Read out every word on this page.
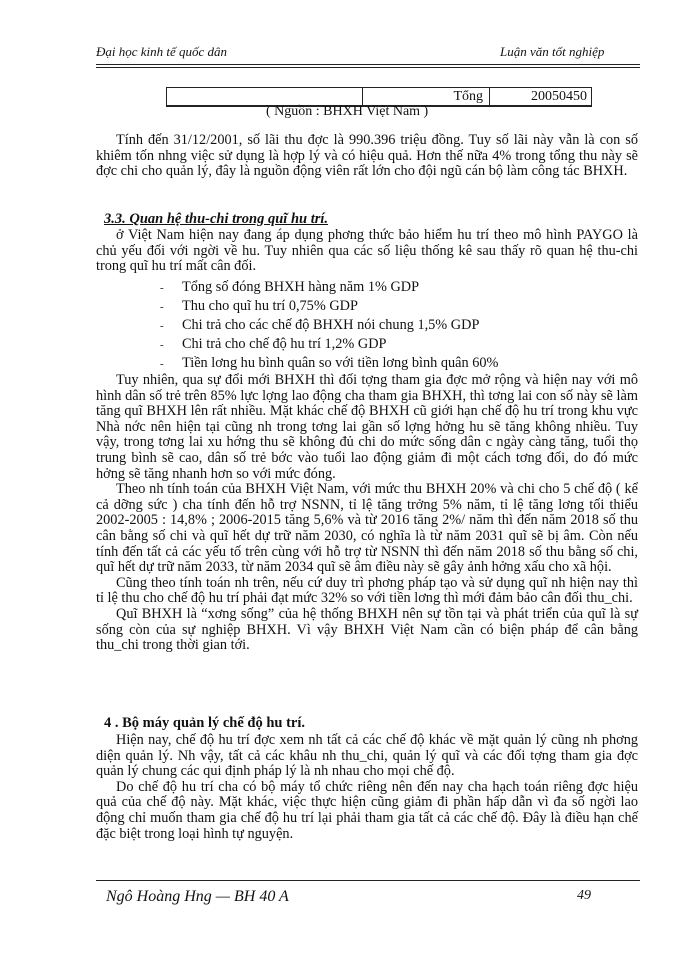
Đại học kinh tế quốc dân	Luận văn tốt nghiệp
Tổng	20050450
( Nguồn : BHXH Việt Nam )

Tính đến 31/12/2001, số lãi thu đợc là 990.396 triệu đồng. Tuy số lãi này vẫn là con số khiêm tốn nhng việc sử dụng là hợp lý và có hiệu quả. Hơn thế nữa 4% trong tổng thu này sẽ đợc chi cho quản lý, đây là nguồn động viên rất lớn cho đội ngũ cán bộ làm công tác BHXH.

3.3. Quan hệ thu-chi trong quĩ hu trí.

ở Việt Nam hiện nay đang áp dụng phơng thức bảo hiểm hu trí theo mô hình PAYGO là chủ yếu đối với ngời về hu. Tuy nhiên qua các số liệu thống kê sau thấy rõ quan hệ thu-chi trong quĩ hu trí mất cân đối.

-	Tổng số đóng BHXH hàng năm 1% GDP
-	Thu cho quĩ hu trí 0,75% GDP
-	Chi trả cho các chế độ BHXH nói chung 1,5% GDP
-	Chi trả cho chế độ hu trí 1,2% GDP
-	Tiền lơng hu bình quân so với tiền lơng bình quân 60%

Tuy nhiên, qua sự đổi mới BHXH thì đối tợng tham gia đợc mở rộng và hiện nay với mô hình dân số trẻ trên 85% lực lợng lao động cha tham gia BHXH, thì tơng lai con số này sẽ làm tăng quĩ BHXH lên rất nhiều. Mặt khác chế độ BHXH cũ giới hạn chế độ hu trí trong khu vực Nhà nớc nên hiện tại cũng nh trong tơng lai gần số lợng hởng hu sẽ tăng không nhiều. Tuy vậy, trong tơng lai xu hớng thu sẽ không đủ chi do mức sống dân c ngày càng tăng, tuổi thọ trung bình sẽ cao, dân số trẻ bớc vào tuổi lao động giảm đi một cách tơng đối, do đó mức hởng sẽ tăng nhanh hơn so với mức đóng.

Theo nh tính toán của BHXH Việt Nam, với mức thu BHXH 20% và chi cho 5 chế độ ( kể cả dỡng sức ) cha tính đến hỗ trợ NSNN, tỉ lệ tăng trởng 5% năm, tỉ lệ tăng lơng tối thiểu 2002-2005 : 14,8% ; 2006-2015 tăng 5,6% và từ 2016 tăng 2%/ năm thì đến năm 2018 số thu cân bằng số chi và quĩ hết dự trữ năm 2030, có nghĩa là từ năm 2031 quĩ sẽ bị âm. Còn nếu tính đến tất cả các yếu tố trên cùng với hỗ trợ từ NSNN thì đến năm 2018 số thu bằng số chi, quĩ hết dự trữ năm 2033, từ năm 2034 quĩ sẽ âm điều này sẽ gây ảnh hởng xấu cho xã hội.

Cũng theo tính toán nh trên, nếu cứ duy trì phơng pháp tạo và sử dụng quĩ nh hiện nay thì tỉ lệ thu cho chế độ hu trí phải đạt mức 32% so với tiền lơng thì mới đảm bảo cân đối thu_chi.

Quĩ BHXH là “xơng sống” của hệ thống BHXH nên sự tồn tại và phát triển của quĩ là sự sống còn của sự nghiệp BHXH. Vì vậy BHXH Việt Nam cần có biện pháp để cân bằng thu_chi trong thời gian tới.

4 . Bộ máy quản lý chế độ hu trí.

Hiện nay, chế độ hu trí đợc xem nh tất cả các chế độ khác về mặt quản lý cũng nh phơng diện quản lý. Nh vậy, tất cả các khâu nh thu_chi, quản lý quĩ và các đối tợng tham gia đợc quản lý chung các qui định pháp lý là nh nhau cho mọi chế độ.

Do chế độ hu trí cha có bộ máy tổ chức riêng nên đến nay cha hạch toán riêng đợc hiệu quả của chế độ này. Mặt khác, việc thực hiện cũng giảm đi phần hấp dẫn vì đa số ngời lao động chỉ muốn tham gia chế độ hu trí lại phải tham gia tất cả các chế độ. Đây là điều hạn chế đặc biệt trong loại hình tự nguyện.

Ngô Hoàng Hng — BH 40 A	49
